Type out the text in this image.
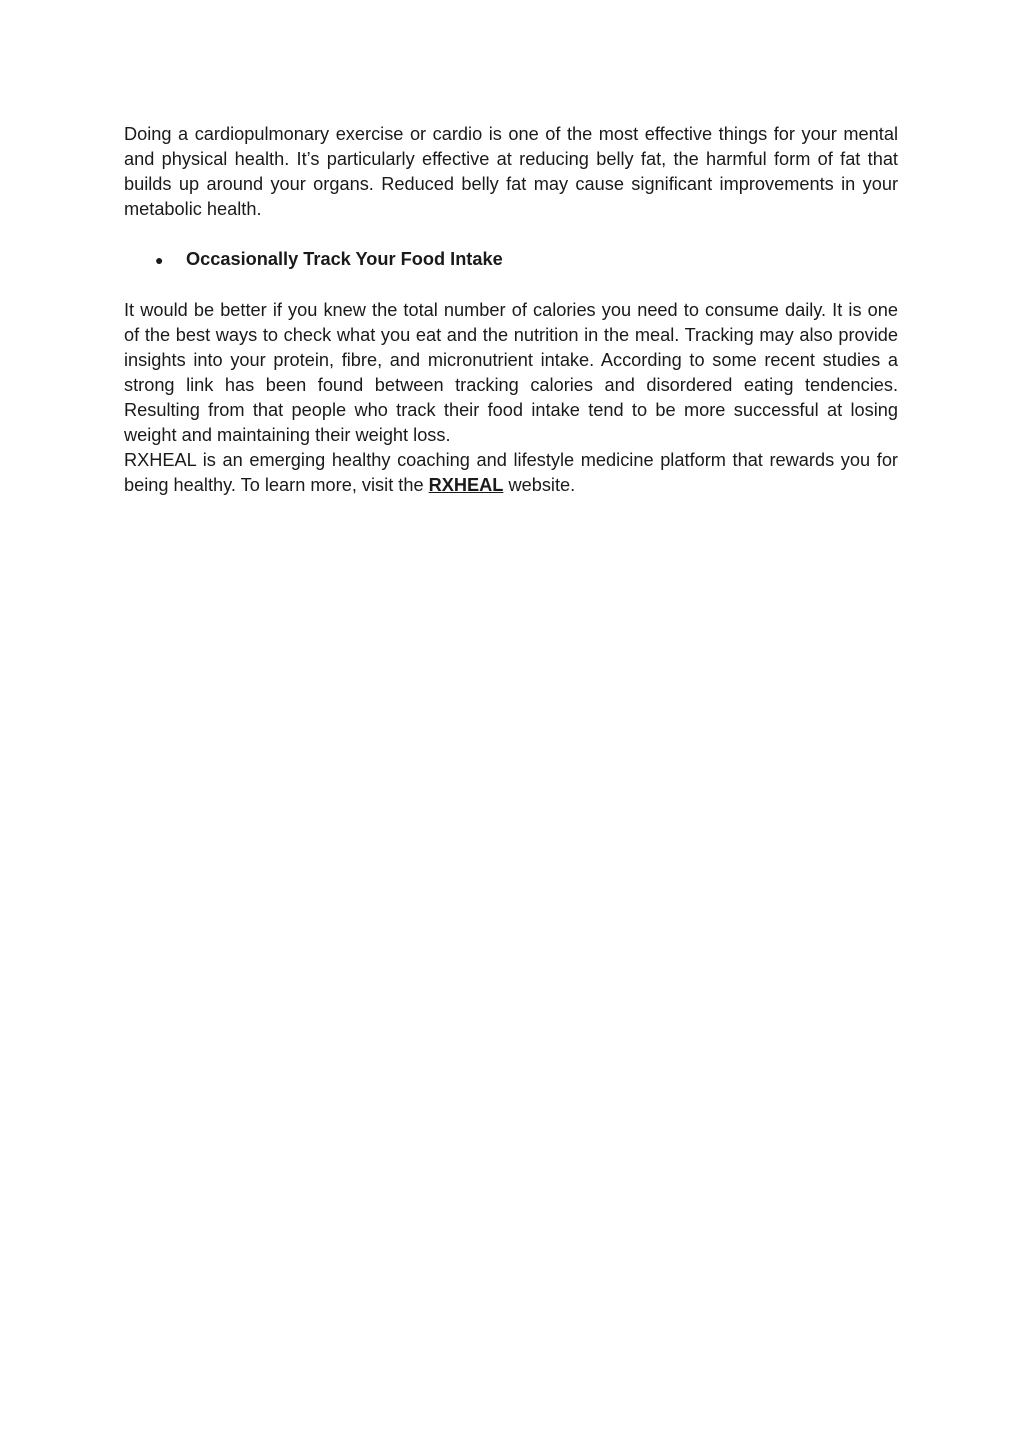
Doing a cardiopulmonary exercise or cardio is one of the most effective things for your mental and physical health. It’s particularly effective at reducing belly fat, the harmful form of fat that builds up around your organs. Reduced belly fat may cause significant improvements in your metabolic health.

●	Occasionally Track Your Food Intake

It would be better if you knew the total number of calories you need to consume daily. It is one of the best ways to check what you eat and the nutrition in the meal. Tracking may also provide insights into your protein, fibre, and micronutrient intake. According to some recent studies a strong link has been found between tracking calories and disordered eating tendencies. Resulting from that people who track their food intake tend to be more successful at losing weight and maintaining their weight loss.

RXHEAL is an emerging healthy coaching and lifestyle medicine platform that rewards you for being healthy. To learn more, visit the RXHEAL website.
